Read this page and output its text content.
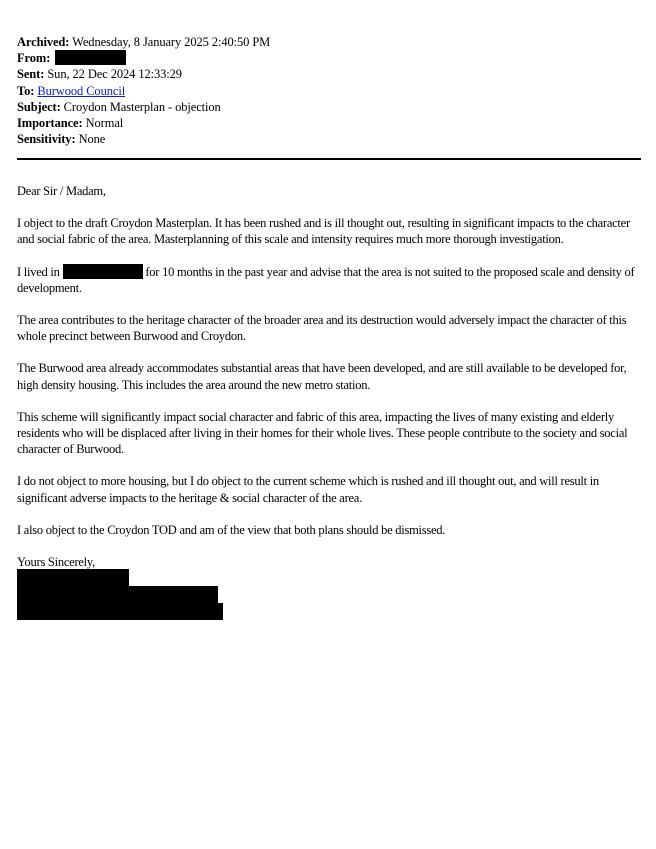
Archived: Wednesday, 8 January 2025 2:40:50 PM
From:
Sent: Sun, 22 Dec 2024 12:33:29
To: Burwood Council
Subject: Croydon Masterplan - objection
Importance: Normal
Sensitivity: None

Dear Sir / Madam,

I object to the draft Croydon Masterplan. It has been rushed and is ill thought out, resulting in significant impacts to the character and social fabric of the area. Masterplanning of this scale and intensity requires much more thorough investigation.

I lived in	for 10 months in the past year and advise that the area is not suited to the proposed scale and density of development.

The area contributes to the heritage character of the broader area and its destruction would adversely impact the character of this whole precinct between Burwood and Croydon.

The Burwood area already accommodates substantial areas that have been developed, and are still available to be developed for, high density housing. This includes the area around the new metro station.

This scheme will significantly impact social character and fabric of this area, impacting the lives of many existing and elderly residents who will be displaced after living in their homes for their whole lives. These people contribute to the society and social character of Burwood.

I do not object to more housing, but I do object to the current scheme which is rushed and ill thought out, and will result in significant adverse impacts to the heritage & social character of the area.

I also object to the Croydon TOD and am of the view that both plans should be dismissed.

Yours Sincerely,
